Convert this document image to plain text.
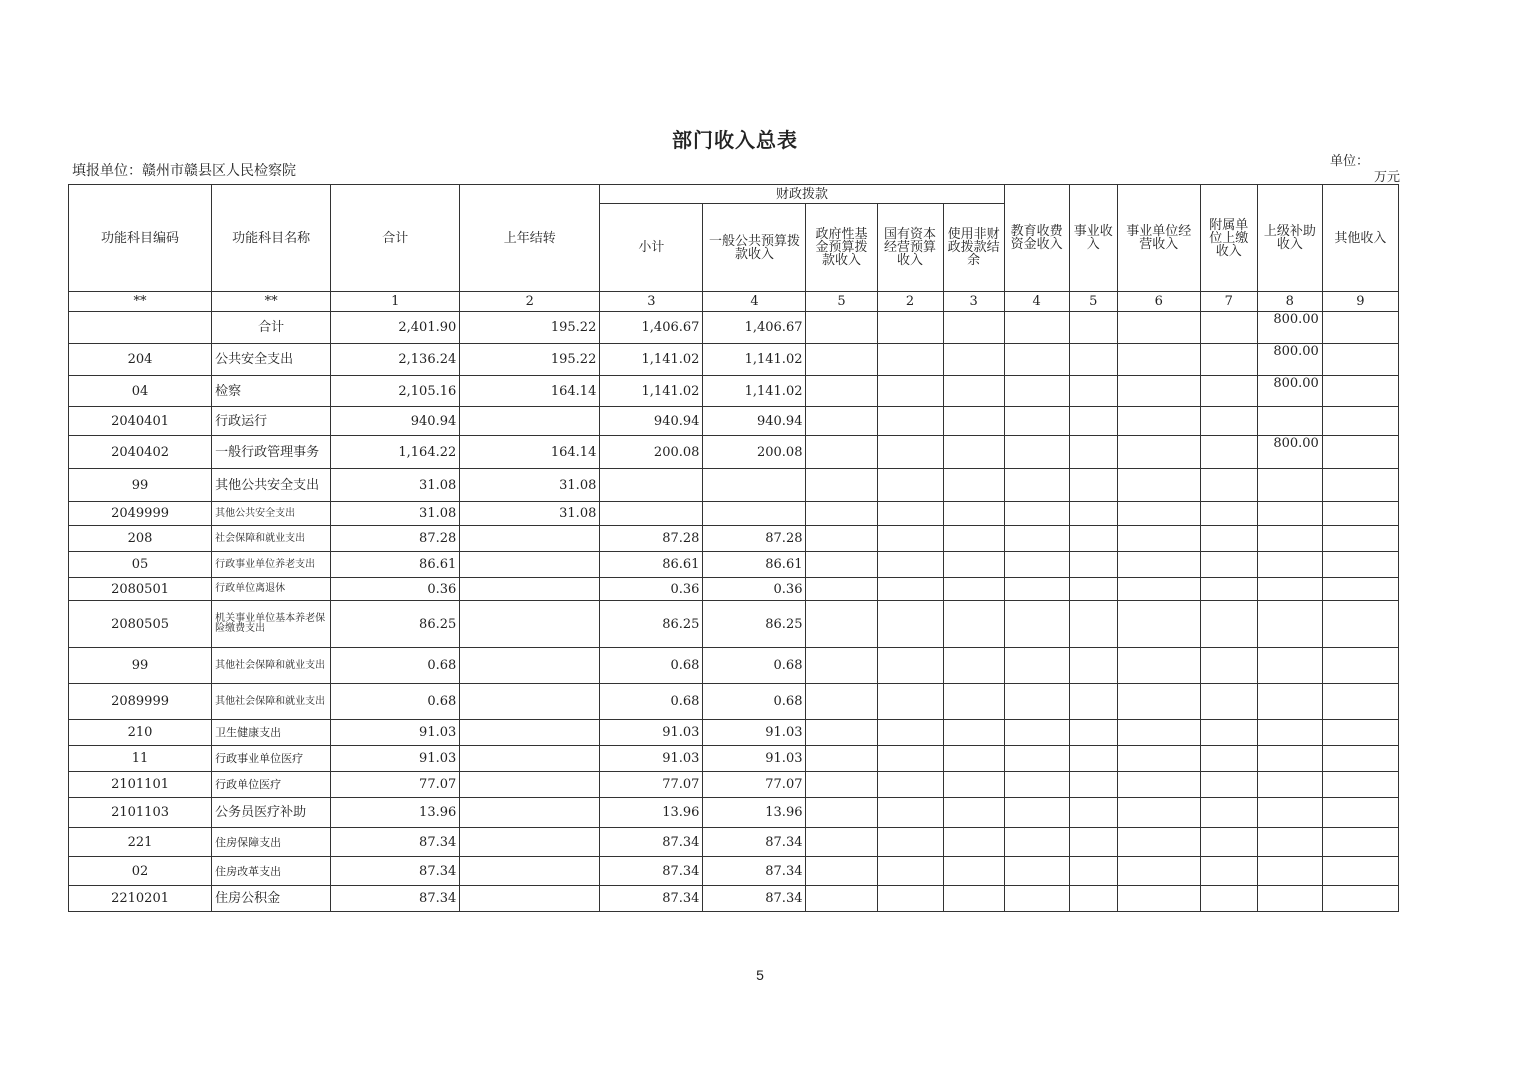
部门收入总表
填报单位：赣州市赣县区人民检察院
单位：
万元
功能科目编码	功能科目名称	合计	上年结转	财政拨款					教育收费资金收入	事业收入	事业单位经营收入	附属单位上缴收入	上级补助收入	其他收入
				小计	一般公共预算拨款收入	政府性基金预算拨款收入	国有资本经营预算收入	使用非财政拨款结余						
**	**	1	2	3	4	5	2	3	4	5	6	7	8	9
	合计	2,401.90	195.22	1,406.67	1,406.67								800.00	
204	公共安全支出	2,136.24	195.22	1,141.02	1,141.02								800.00	
04	检察	2,105.16	164.14	1,141.02	1,141.02								800.00	
2040401	行政运行	940.94		940.94	940.94									
2040402	一般行政管理事务	1,164.22	164.14	200.08	200.08								800.00	
99	其他公共安全支出	31.08	31.08											
2049999	其他公共安全支出	31.08	31.08											
208	社会保障和就业支出	87.28		87.28	87.28									
05	行政事业单位养老支出	86.61		86.61	86.61									
2080501	行政单位离退休	0.36		0.36	0.36									
2080505	机关事业单位基本养老保险缴费支出	86.25		86.25	86.25									
99	其他社会保障和就业支出	0.68		0.68	0.68									
2089999	其他社会保障和就业支出	0.68		0.68	0.68									
210	卫生健康支出	91.03		91.03	91.03									
11	行政事业单位医疗	91.03		91.03	91.03									
2101101	行政单位医疗	77.07		77.07	77.07									
2101103	公务员医疗补助	13.96		13.96	13.96									
221	住房保障支出	87.34		87.34	87.34									
02	住房改革支出	87.34		87.34	87.34									
2210201	住房公积金	87.34		87.34	87.34									
5
